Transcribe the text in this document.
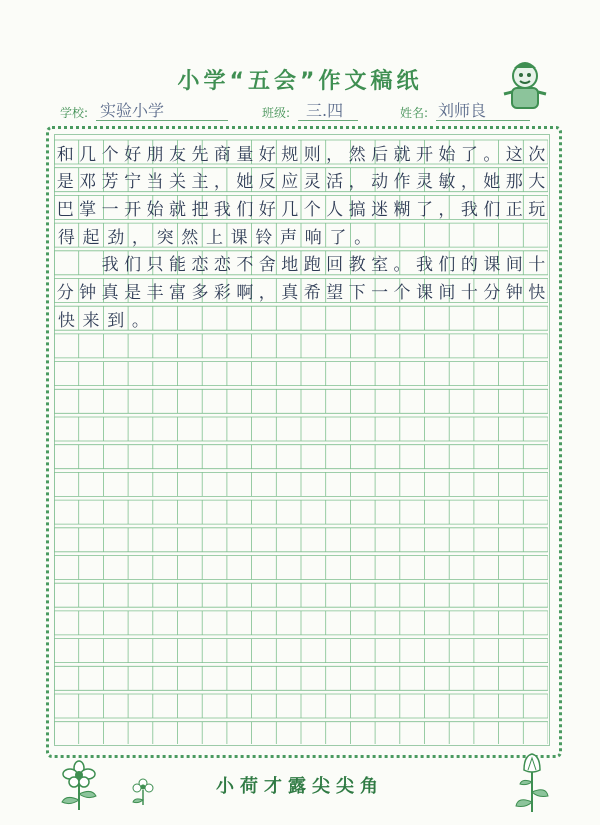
小学“五会”作文稿纸
学校: 实验小学	班级: 三.四	姓名: 刘师良
和 几 个 好 朋 友 先 商 量 好 规 则 ， 然 后 就 开 始 了 。 这 次
是 邓 芳 宁 当 关 主 ， 她 反 应 灵 活 ， 动 作 灵 敏 ， 她 那 大
巴 掌 一 开 始 就 把 我 们 好 几 个 人 搞 迷 糊 了 ， 我 们 正 玩
得 起 劲 ， 突 然 上 课 铃 声 响 了 。

我 们 只 能 恋 恋 不 舍 地 跑 回 教 室 。 我 们 的 课 间 十
分 钟 真 是 丰 富 多 彩 啊 ， 真 希 望 下 一 个 课 间 十 分 钟 快
快 来 到 。
小荷才露尖尖角
